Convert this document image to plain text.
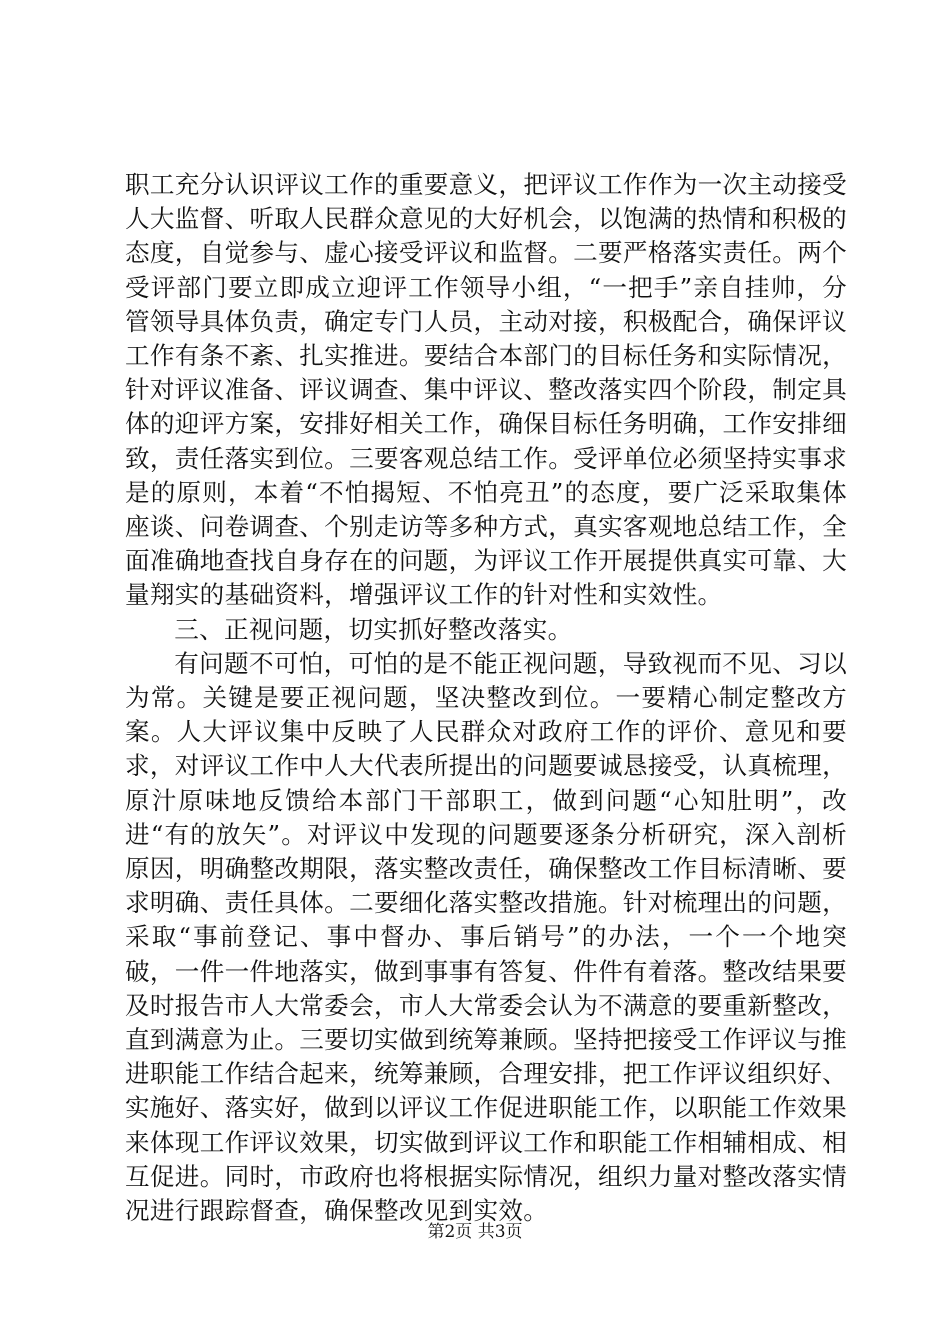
职工充分认识评议工作的重要意义，把评议工作作为一次主动接受人大监督、听取人民群众意见的大好机会，以饱满的热情和积极的态度，自觉参与、虚心接受评议和监督。二要严格落实责任。两个受评部门要立即成立迎评工作领导小组，“一把手”亲自挂帅，分管领导具体负责，确定专门人员，主动对接，积极配合，确保评议工作有条不紊、扎实推进。要结合本部门的目标任务和实际情况，针对评议准备、评议调查、集中评议、整改落实四个阶段，制定具体的迎评方案，安排好相关工作，确保目标任务明确，工作安排细致，责任落实到位。三要客观总结工作。受评单位必须坚持实事求是的原则，本着“不怕揭短、不怕亮丑”的态度，要广泛采取集体座谈、问卷调查、个别走访等多种方式，真实客观地总结工作，全面准确地查找自身存在的问题，为评议工作开展提供真实可靠、大量翔实的基础资料，增强评议工作的针对性和实效性。

三、正视问题，切实抓好整改落实。

有问题不可怕，可怕的是不能正视问题，导致视而不见、习以为常。关键是要正视问题，坚决整改到位。一要精心制定整改方案。人大评议集中反映了人民群众对政府工作的评价、意见和要求，对评议工作中人大代表所提出的问题要诚恳接受，认真梳理，原汁原味地反馈给本部门干部职工，做到问题“心知肚明”，改进“有的放矢”。对评议中发现的问题要逐条分析研究，深入剖析原因，明确整改期限，落实整改责任，确保整改工作目标清晰、要求明确、责任具体。二要细化落实整改措施。针对梳理出的问题，采取“事前登记、事中督办、事后销号”的办法，一个一个地突破，一件一件地落实，做到事事有答复、件件有着落。整改结果要及时报告市人大常委会，市人大常委会认为不满意的要重新整改，直到满意为止。三要切实做到统筹兼顾。坚持把接受工作评议与推进职能工作结合起来，统筹兼顾，合理安排，把工作评议组织好、实施好、落实好，做到以评议工作促进职能工作，以职能工作效果来体现工作评议效果，切实做到评议工作和职能工作相辅相成、相互促进。同时，市政府也将根据实际情况，组织力量对整改落实情况进行跟踪督查，确保整改见到实效。

第2页 共3页
